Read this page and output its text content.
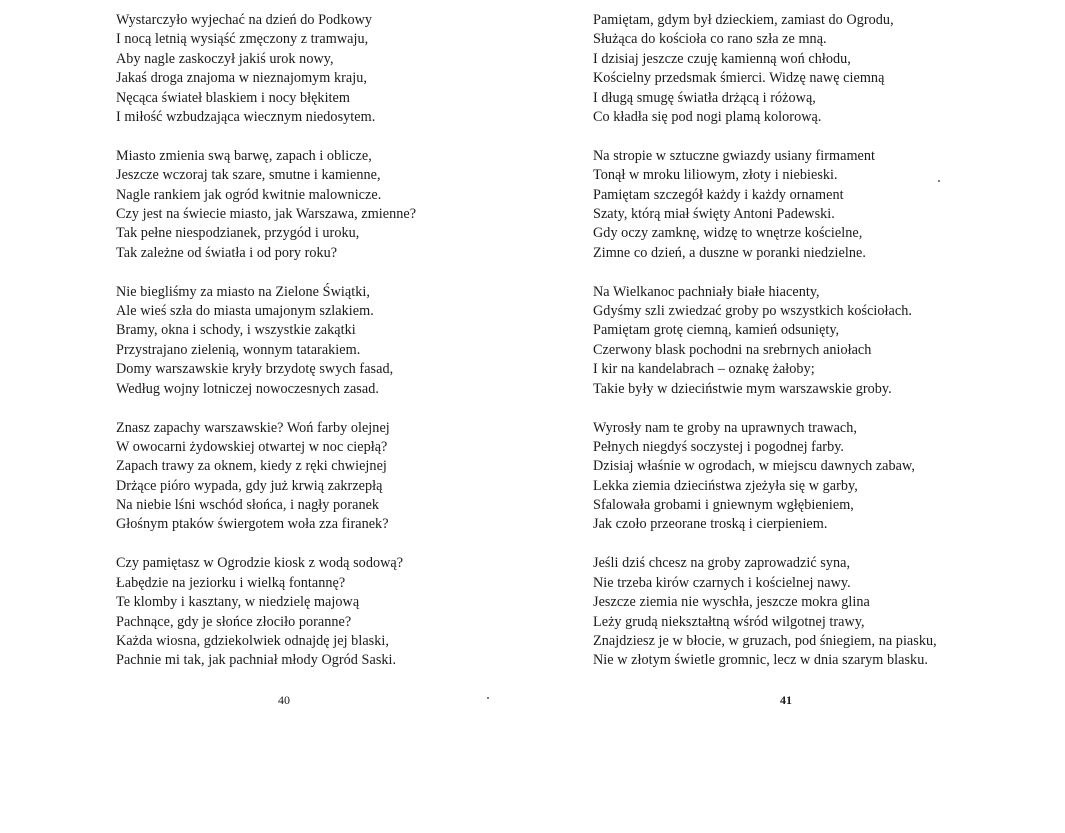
Wystarczyło wyjechać na dzień do Podkowy
I nocą letnią wysiąść zmęczony z tramwaju,
Aby nagle zaskoczył jakiś urok nowy,
Jakaś droga znajoma w nieznajomym kraju,
Nęcąca świateł blaskiem i nocy błękitem
I miłość wzbudzająca wiecznym niedosytem.
Miasto zmienia swą barwę, zapach i oblicze,
Jeszcze wczoraj tak szare, smutne i kamienne,
Nagle rankiem jak ogród kwitnie malownicze.
Czy jest na świecie miasto, jak Warszawa, zmienne?
Tak pełne niespodzianek, przygód i uroku,
Tak zależne od światła i od pory roku?
Nie biegliśmy za miasto na Zielone Świątki,
Ale wieś szła do miasta umajonym szlakiem.
Bramy, okna i schody, i wszystkie zakątki
Przystrajano zielenią, wonnym tatarakiem.
Domy warszawskie kryły brzydotę swych fasad,
Według wojny lotniczej nowoczesnych zasad.
Znasz zapachy warszawskie? Woń farby olejnej
W owocarni żydowskiej otwartej w noc ciepłą?
Zapach trawy za oknem, kiedy z ręki chwiejnej
Drżące pióro wypada, gdy już krwią zakrzepłą
Na niebie lśni wschód słońca, i nagły poranek
Głośnym ptaków świergotem woła zza firanek?
Czy pamiętasz w Ogrodzie kiosk z wodą sodową?
Łabędzie na jeziorku i wielką fontannę?
Te klomby i kasztany, w niedzielę majową
Pachnące, gdy je słońce złociło poranne?
Każda wiosna, gdziekolwiek odnajdę jej blaski,
Pachnie mi tak, jak pachniał młody Ogród Saski.
40
Pamiętam, gdym był dzieckiem, zamiast do Ogrodu,
Służąca do kościoła co rano szła ze mną.
I dzisiaj jeszcze czuję kamienną woń chłodu,
Kościelny przedsmak śmierci. Widzę nawę ciemną
I długą smugę światła drżącą i różową,
Co kładła się pod nogi plamą kolorową.
Na stropie w sztuczne gwiazdy usiany firmament
Tonął w mroku liliowym, złoty i niebieski.
Pamiętam szczegół każdy i każdy ornament
Szaty, którą miał święty Antoni Padewski.
Gdy oczy zamknę, widzę to wnętrze kościelne,
Zimne co dzień, a duszne w poranki niedzielne.
Na Wielkanoc pachniały białe hiacenty,
Gdyśmy szli zwiedzać groby po wszystkich kościołach.
Pamiętam grotę ciemną, kamień odsunięty,
Czerwony blask pochodni na srebrnych aniołach
I kir na kandelabrach – oznakę żałoby;
Takie były w dzieciństwie mym warszawskie groby.
Wyrosły nam te groby na uprawnych trawach,
Pełnych niegdyś soczystej i pogodnej farby.
Dzisiaj właśnie w ogrodach, w miejscu dawnych zabaw,
Lekka ziemia dzieciństwa zjeżyła się w garby,
Sfalowała grobami i gniewnym wgłębieniem,
Jak czoło przeorane troską i cierpieniem.
Jeśli dziś chcesz na groby zaprowadzić syna,
Nie trzeba kirów czarnych i kościelnej nawy.
Jeszcze ziemia nie wyschła, jeszcze mokra glina
Leży grudą niekształtną wśród wilgotnej trawy,
Znajdziesz je w błocie, w gruzach, pod śniegiem, na piasku,
Nie w złotym świetle gromnic, lecz w dnia szarym blasku.
41
